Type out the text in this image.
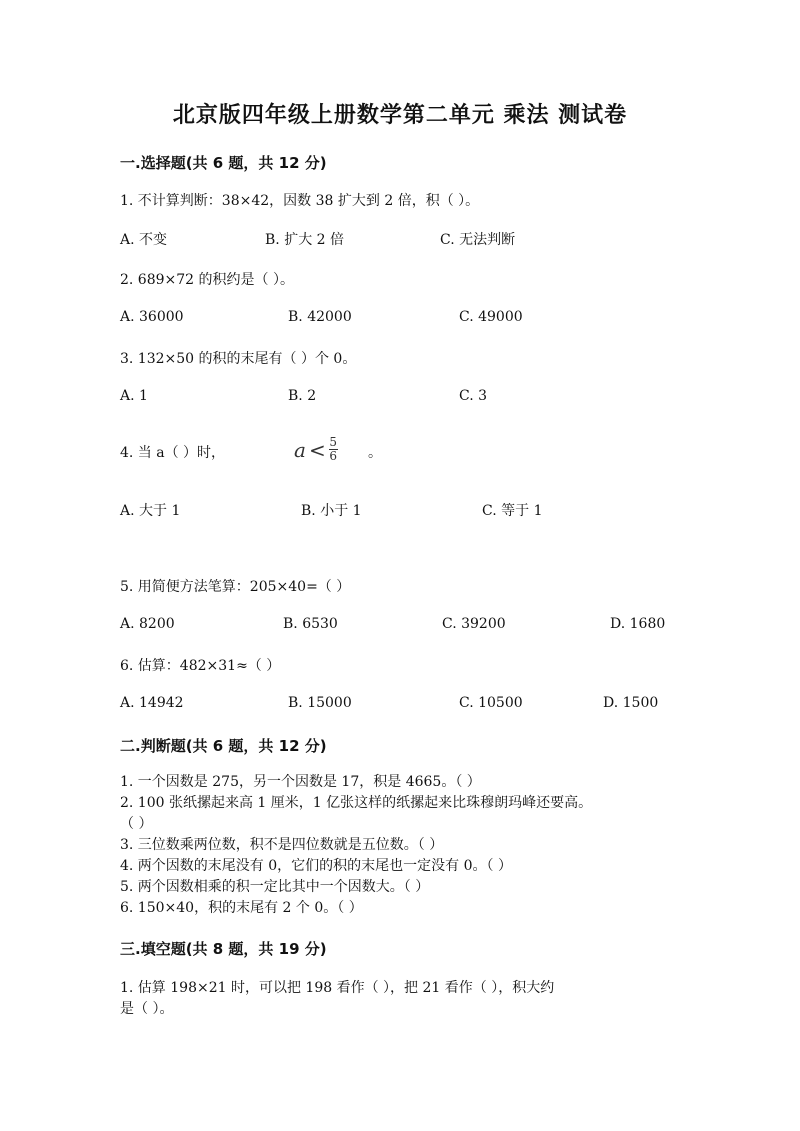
北京版四年级上册数学第二单元 乘法 测试卷
一.选择题(共 6 题，共 12 分)
1. 不计算判断：38×42，因数 38 扩大到 2 倍，积（ ）。
A. 不变	B. 扩大 2 倍	C. 无法判断
2. 689×72 的积约是（ ）。
A. 36000	B. 42000	C. 49000
3. 132×50 的积的末尾有（ ）个 0。
A. 1	B. 2	C. 3
4. 当 a（ ）时，	$a < \frac{5}{6}$ 。
A. 大于 1	B. 小于 1	C. 等于 1
5. 用简便方法笔算：205×40=（ ）
A. 8200	B. 6530	C. 39200	D. 1680
6. 估算：482×31≈（ ）
A. 14942	B. 15000	C. 10500	D. 1500
二.判断题(共 6 题，共 12 分)
1. 一个因数是 275，另一个因数是 17，积是 4665。（ ）
2. 100 张纸摞起来高 1 厘米，1 亿张这样的纸摞起来比珠穆朗玛峰还要高。
（ ）
3. 三位数乘两位数，积不是四位数就是五位数。（ ）
4. 两个因数的末尾没有 0，它们的积的末尾也一定没有 0。（ ）
5. 两个因数相乘的积一定比其中一个因数大。（ ）
6. 150×40，积的末尾有 2 个 0。（ ）
三.填空题(共 8 题，共 19 分)
1. 估算 198×21 时，可以把 198 看作（ ），把 21 看作（ ），积大约
是（ ）。
